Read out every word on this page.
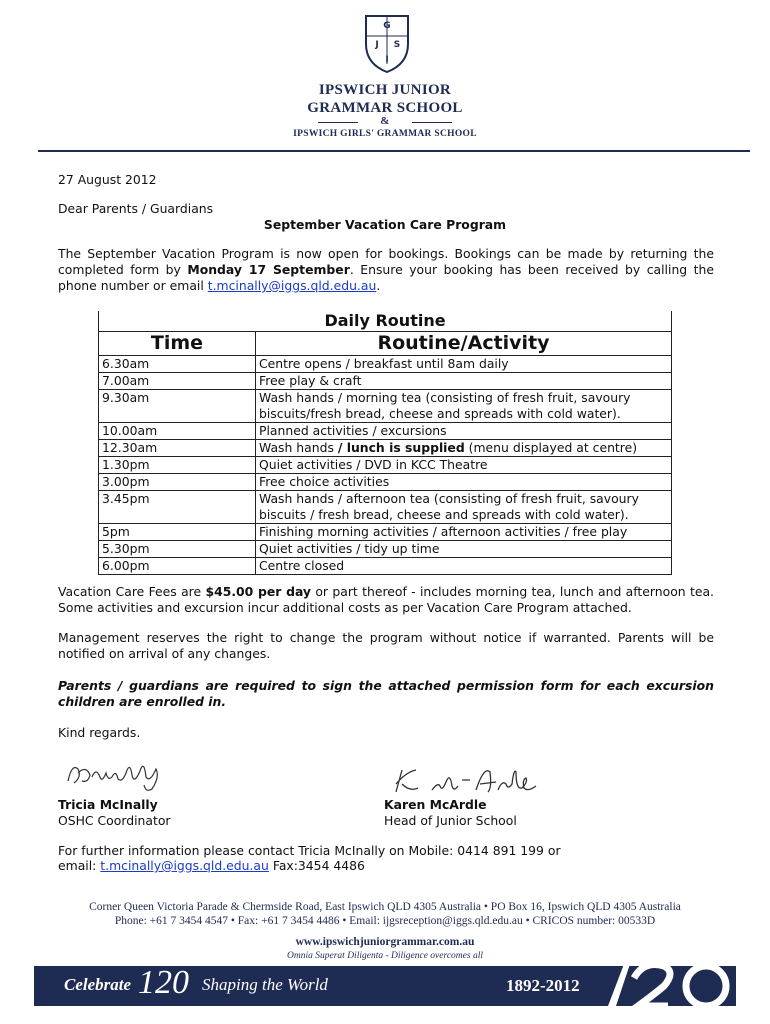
G
J S
I
IPSWICH JUNIOR
GRAMMAR SCHOOL
&
IPSWICH GIRLS' GRAMMAR SCHOOL
27 August 2012
Dear Parents / Guardians
September Vacation Care Program
The September Vacation Program is now open for bookings. Bookings can be made by returning the completed form by Monday 17 September. Ensure your booking has been received by calling the phone number or email t.mcinally@iggs.qld.edu.au.
Daily Routine	
Time	Routine/Activity
6.30am	Centre opens / breakfast until 8am daily
7.00am	Free play & craft
9.30am	Wash hands / morning tea (consisting of fresh fruit, savoury biscuits/fresh bread, cheese and spreads with cold water).
10.00am	Planned activities / excursions
12.30am	Wash hands / lunch is supplied (menu displayed at centre)
1.30pm	Quiet activities / DVD in KCC Theatre
3.00pm	Free choice activities
3.45pm	Wash hands / afternoon tea (consisting of fresh fruit, savoury biscuits / fresh bread, cheese and spreads with cold water).
5pm	Finishing morning activities / afternoon activities / free play
5.30pm	Quiet activities / tidy up time
6.00pm	Centre closed
Vacation Care Fees are $45.00 per day or part thereof - includes morning tea, lunch and afternoon tea. Some activities and excursion incur additional costs as per Vacation Care Program attached.
Management reserves the right to change the program without notice if warranted. Parents will be notified on arrival of any changes.
Parents / guardians are required to sign the attached permission form for each excursion children are enrolled in.
Kind regards.
Tricia McInally
OSHC Coordinator
Karen McArdle
Head of Junior School
For further information please contact Tricia McInally on Mobile: 0414 891 199 or
email: t.mcinally@iggs.qld.edu.au Fax:3454 4486
Corner Queen Victoria Parade & Chermside Road, East Ipswich QLD 4305 Australia • PO Box 16, Ipswich QLD 4305 Australia
Phone: +61 7 3454 4547 • Fax: +61 7 3454 4486 • Email: ijgsreception@iggs.qld.edu.au • CRICOS number: 00533D
www.ipswichjuniorgrammar.com.au
Omnia Superat Diligenta - Diligence overcomes all
Celebrate 120 Shaping the World	1892-2012
